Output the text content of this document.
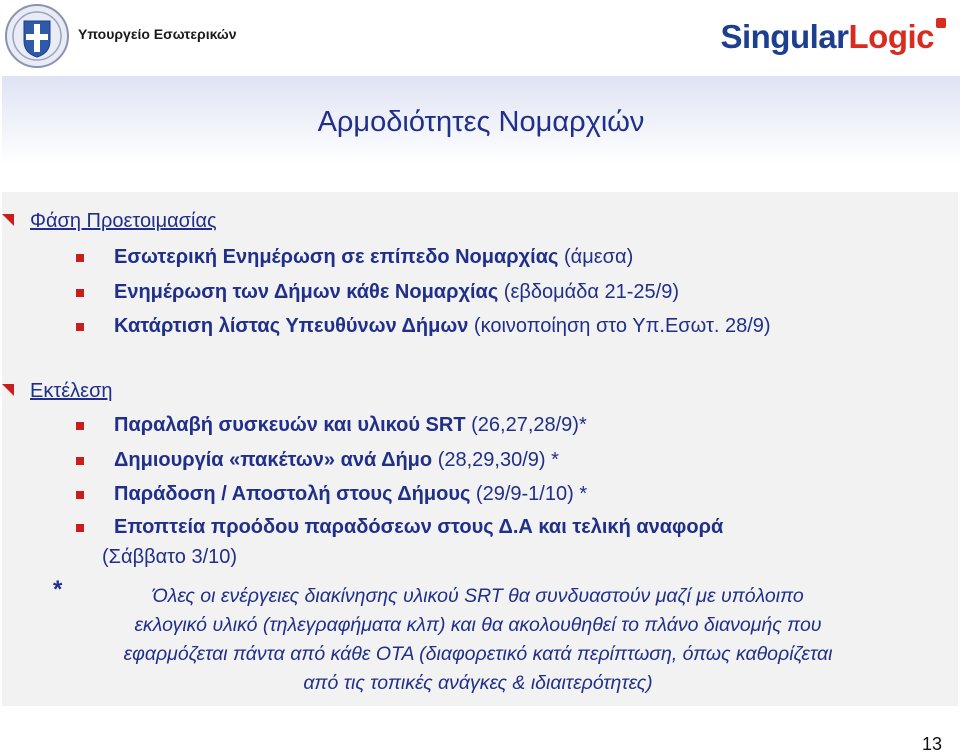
Υπουργείο Εσωτερικών	SingularLogic
Αρμοδιότητες Νομαρχιών
Φάση Προετοιμασίας
Εσωτερική Ενημέρωση σε επίπεδο Νομαρχίας (άμεσα)
Ενημέρωση των Δήμων κάθε Νομαρχίας (εβδομάδα 21-25/9)
Κατάρτιση λίστας Υπευθύνων Δήμων (κοινοποίηση στο Υπ.Εσωτ. 28/9)
Εκτέλεση
Παραλαβή συσκευών και υλικού SRT (26,27,28/9)*
Δημιουργία «πακέτων» ανά Δήμο (28,29,30/9) *
Παράδοση / Αποστολή στους Δήμους (29/9-1/10) *
Εποπτεία προόδου παραδόσεων στους Δ.Α και τελική αναφορά
(Σάββατο 3/10)
*	Όλες οι ενέργειες διακίνησης υλικού SRT θα συνδυαστούν μαζί με υπόλοιπο
εκλογικό υλικό (τηλεγραφήματα κλπ) και θα ακολουθηθεί το πλάνο διανομής που
εφαρμόζεται πάντα από κάθε ΟΤΑ (διαφορετικό κατά περίπτωση, όπως καθορίζεται
από τις τοπικές ανάγκες & ιδιαιτερότητες)
13
